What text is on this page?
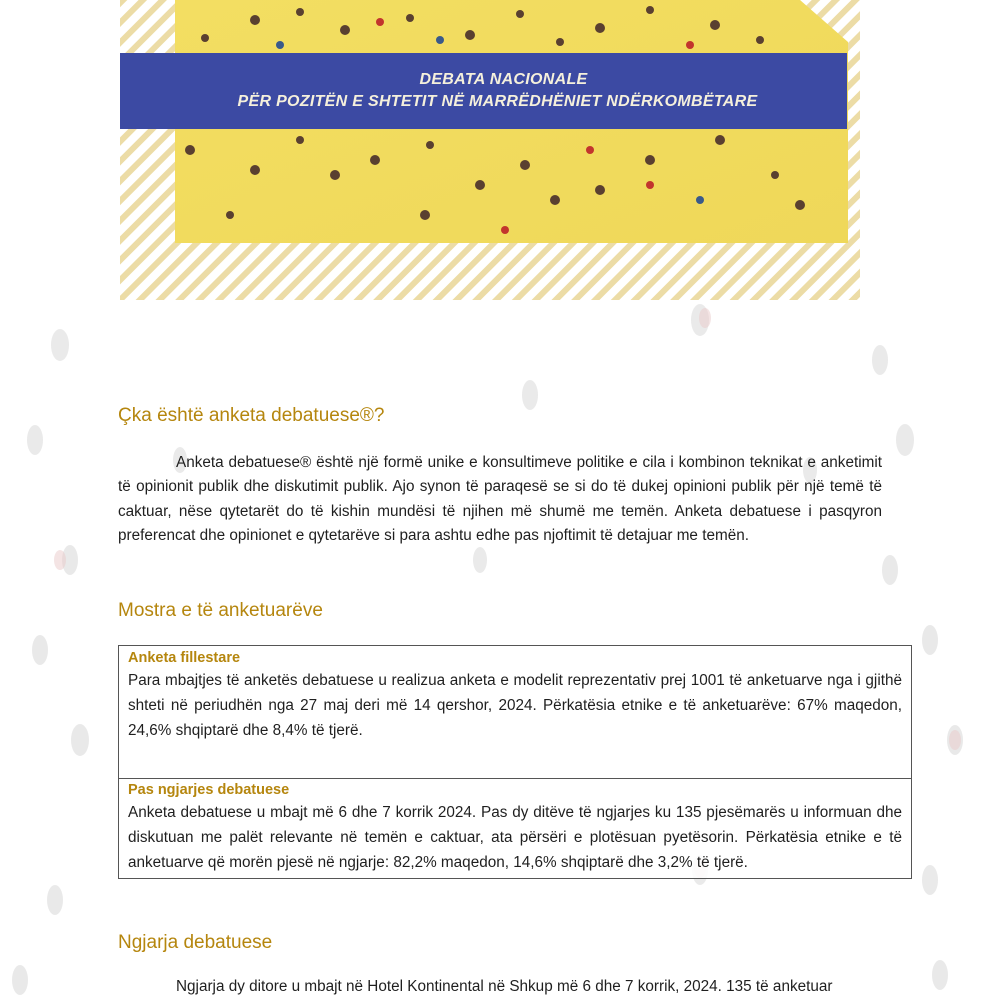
DEBATA NACIONALE
PËR POZITËN E SHTETIT NË MARRËDHËNIET NDËRKOMBËTARE
Çka është anketa debatuese®?

Anketa debatuese® është një formë unike e konsultimeve politike e cila i kombinon teknikat e anketimit të opinionit publik dhe diskutimit publik. Ajo synon të paraqesë se si do të dukej opinioni publik për një temë të caktuar, nëse qytetarët do të kishin mundësi të njihen më shumë me temën. Anketa debatuese i pasqyron preferencat dhe opinionet e qytetarëve si para ashtu edhe pas njoftimit të detajuar me temën.

Mostra e të anketuarëve

Anketa fillestare

Para mbajtjes të anketës debatuese u realizua anketa e modelit reprezentativ prej 1001 të anketuarve nga i gjithë shteti në periudhën nga 27 maj deri më 14 qershor, 2024. Përkatësia etnike e të anketuarëve: 67% maqedon, 24,6% shqiptarë dhe 8,4% të tjerë.

Pas ngjarjes debatuese

Anketa debatuese u mbajt më 6 dhe 7 korrik 2024. Pas dy ditëve të ngjarjes ku 135 pjesëmarës u informuan dhe diskutuan me palët relevante në temën e caktuar, ata përsëri e plotësuan pyetësorin. Përkatësia etnike e të anketuarve që morën pjesë në ngjarje: 82,2% maqedon, 14,6% shqiptarë dhe 3,2% të tjerë.

Ngjarja debatuese

Ngjarja dy ditore u mbajt në Hotel Kontinental në Shkup më 6 dhe 7 korrik, 2024. 135 të anketuar
